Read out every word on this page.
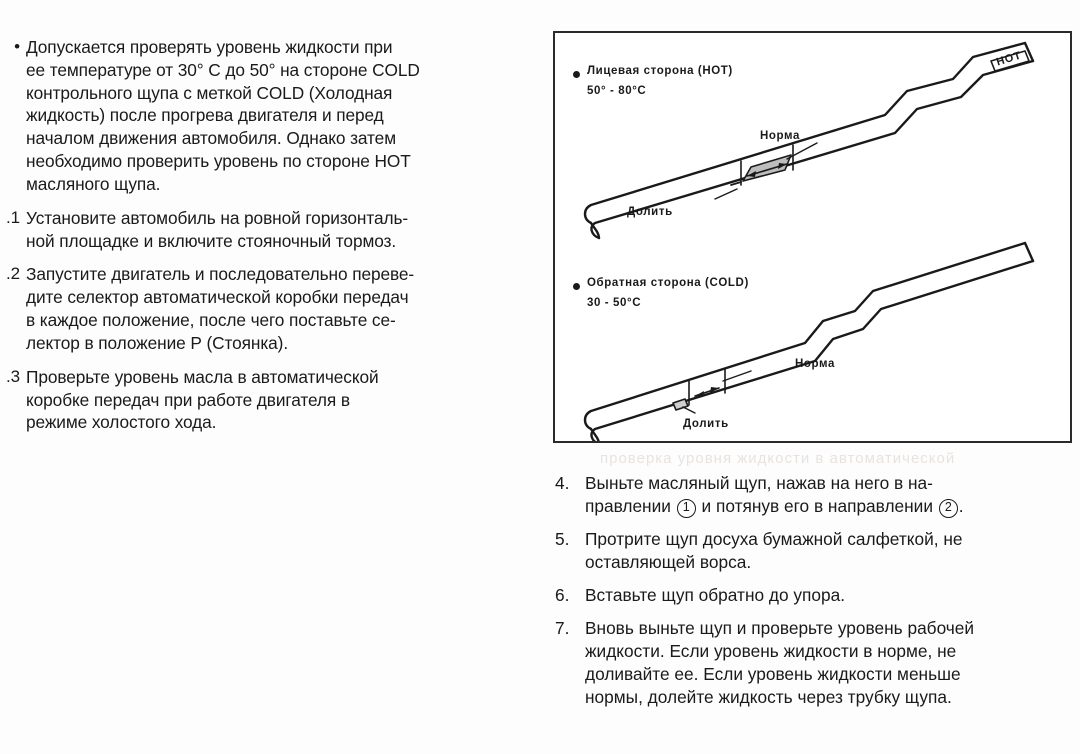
• Допускается проверять уровень жидкости при
ее температуре от 30° С до 50° на стороне COLD
контрольного щупа с меткой COLD (Холодная
жидкость) после прогрева двигателя и перед
началом движения автомобиля. Однако затем
необходимо проверить уровень по стороне HOT
масляного щупа.
1. Установите автомобиль на ровной горизонталь-
ной площадке и включите стояночный тормоз.
2. Запустите двигатель и последовательно переве-
дите селектор автоматической коробки передач
в каждое положение, после чего поставьте се-
лектор в положение Р (Стоянка).
3. Проверьте уровень масла в автоматической
коробке передач при работе двигателя в
режиме холостого хода.
Лицевая сторона (HOT)
50° - 80°C
Обратная сторона (COLD)
30 - 50°C
HOT
Норма
Долить
Норма
Долить
проверка уровня жидкости в автоматической
4. Выньте масляный щуп, нажав на него в на-
правлении 1 и потянув его в направлении 2 .
5. Протрите щуп досуха бумажной салфеткой, не
оставляющей ворса.
6. Вставьте щуп обратно до упора.
7. Вновь выньте щуп и проверьте уровень рабочей
жидкости. Если уровень жидкости в норме, не
доливайте ее. Если уровень жидкости меньше
нормы, долейте жидкость через трубку щупа.
